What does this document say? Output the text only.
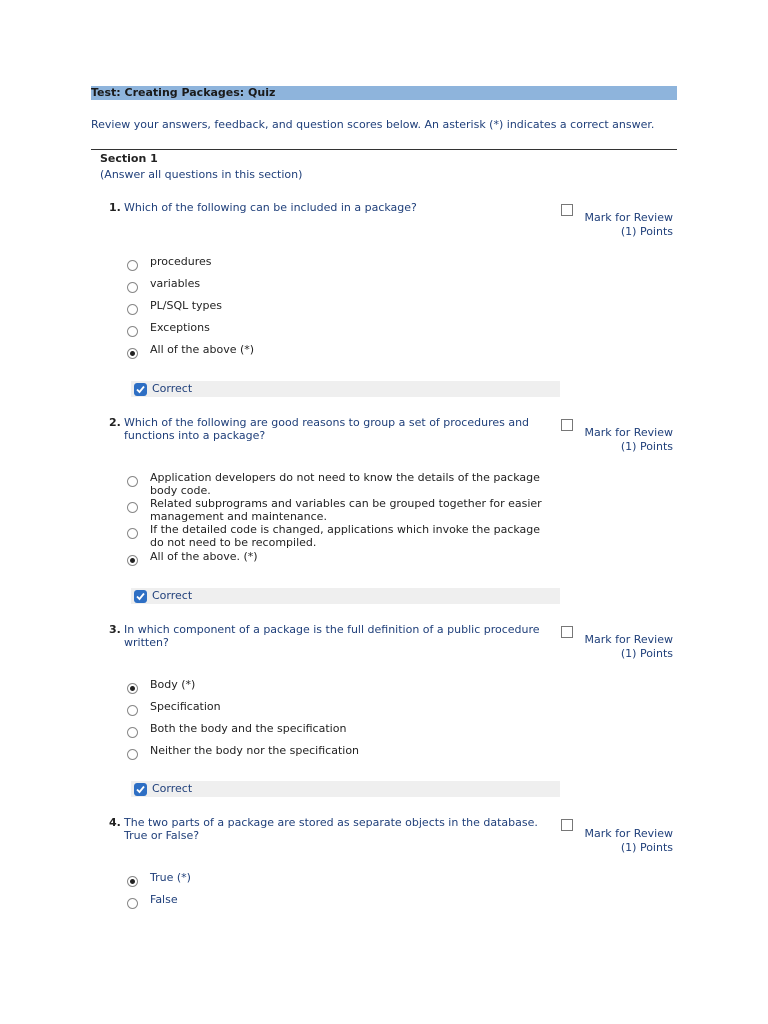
Test: Creating Packages: Quiz
Review your answers, feedback, and question scores below. An asterisk (*) indicates a correct answer.
Section 1
(Answer all questions in this section)
1. Which of the following can be included in a package?
Mark for Review
(1) Points
procedures
variables
PL/SQL types
Exceptions
All of the above (*)
Correct
2. Which of the following are good reasons to group a set of procedures and functions into a package?	Mark for Review
(1) Points
Application developers do not need to know the details of the package body code.
Related subprograms and variables can be grouped together for easier management and maintenance.
If the detailed code is changed, applications which invoke the package do not need to be recompiled.
All of the above. (*)
Correct
3. In which component of a package is the full definition of a public procedure written?	Mark for Review
(1) Points
Body (*)
Specification
Both the body and the specification
Neither the body nor the specification
Correct
4. The two parts of a package are stored as separate objects in the database. True or False?	Mark for Review
(1) Points
True (*)
False
